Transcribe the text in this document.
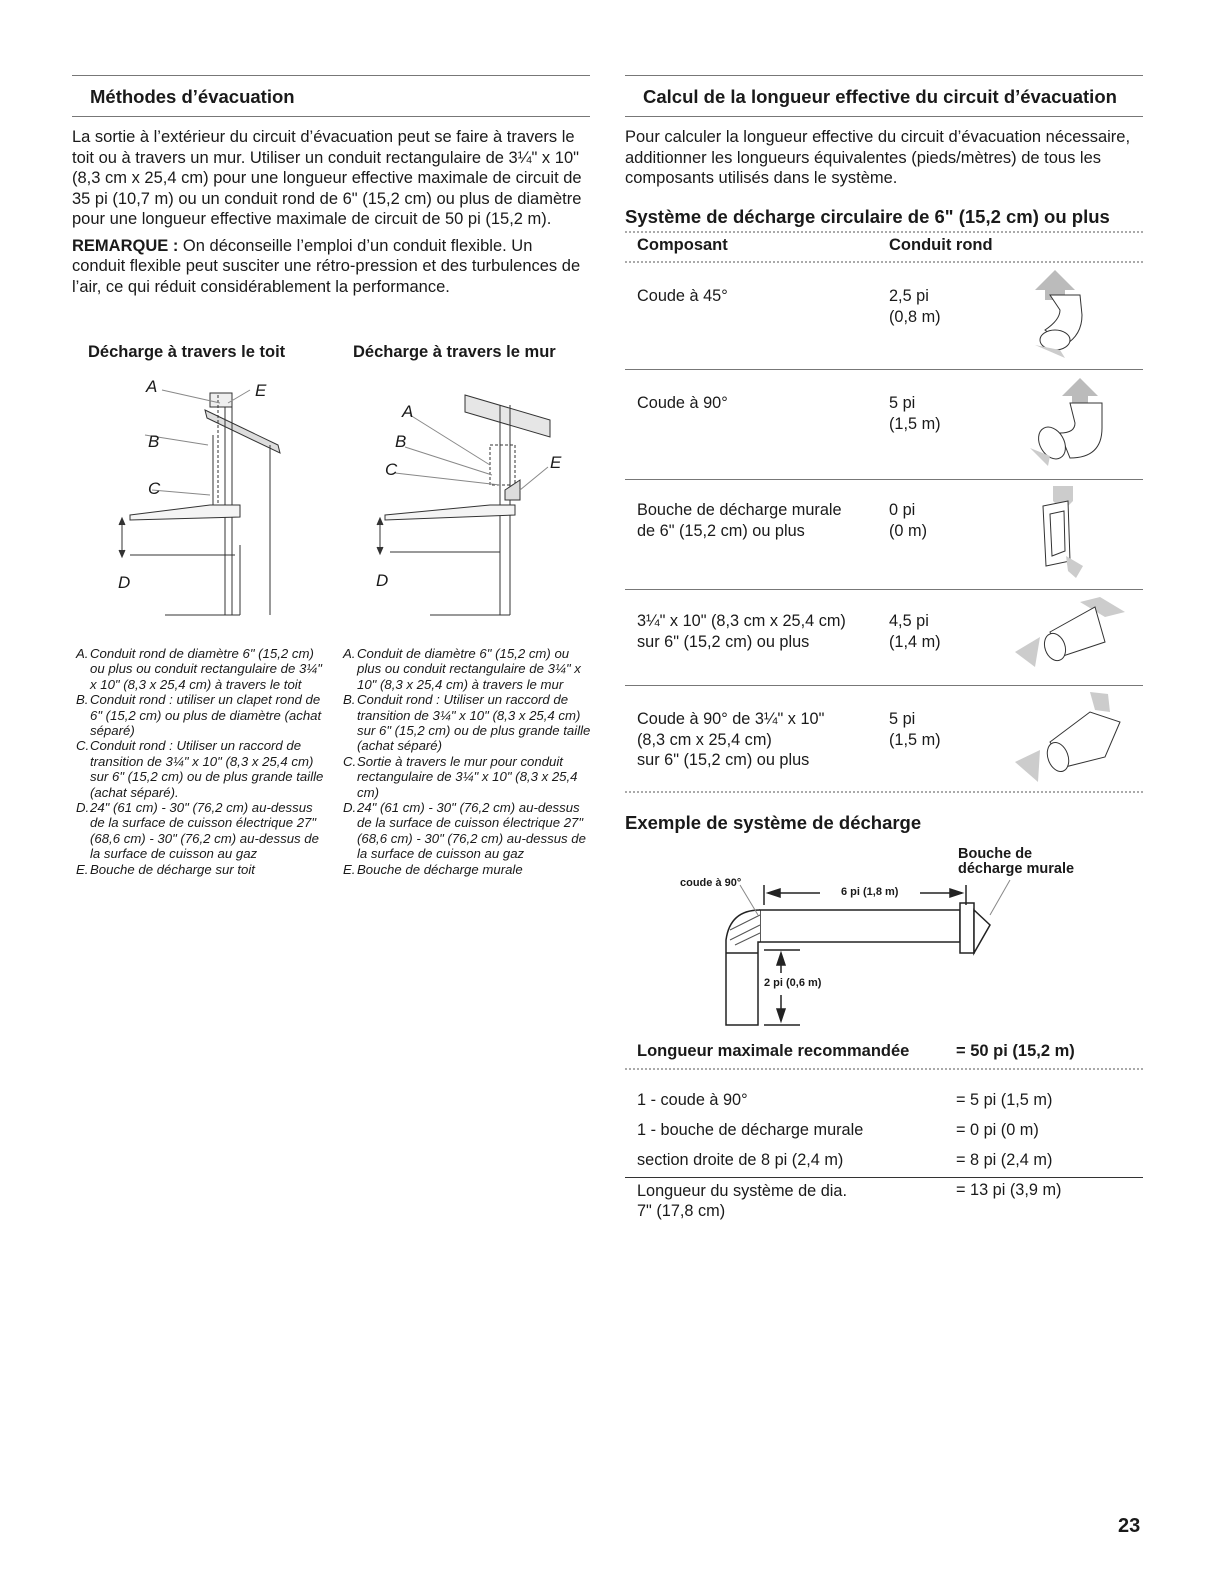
Méthodes d’évacuation

La sortie à l’extérieur du circuit d’évacuation peut se faire à travers le toit ou à travers un mur. Utiliser un conduit rectangulaire de 3¼" x 10" (8,3 cm x 25,4 cm) pour une longueur effective maximale de circuit de 35 pi (10,7 m) ou un conduit rond de 6" (15,2 cm) ou plus de diamètre pour une longueur effective maximale de circuit de 50 pi (15,2 m).

REMARQUE : On déconseille l’emploi d’un conduit flexible. Un conduit flexible peut susciter une rétro-pression et des turbulences de l’air, ce qui réduit considérablement la performance.

Décharge à travers le toit	Décharge à travers le mur
A	E
B
C
D
A
B
C	E
D
A. Conduit rond de diamètre 6" (15,2 cm) ou plus ou conduit rectangulaire de 3¼" x 10" (8,3 x 25,4 cm) à travers le toit
B. Conduit rond : utiliser un clapet rond de 6" (15,2 cm) ou plus de diamètre (achat séparé)
C. Conduit rond : Utiliser un raccord de transition de 3¼" x 10" (8,3 x 25,4 cm) sur 6" (15,2 cm) ou de plus grande taille (achat séparé).
D. 24" (61 cm) - 30" (76,2 cm) au-dessus de la surface de cuisson électrique 27" (68,6 cm) - 30" (76,2 cm) au-dessus de la surface de cuisson au gaz
E. Bouche de décharge sur toit
A. Conduit de diamètre 6" (15,2 cm) ou plus ou conduit rectangulaire de 3¼" x 10" (8,3 x 25,4 cm) à travers le mur
B. Conduit rond : Utiliser un raccord de transition de 3¼" x 10" (8,3 x 25,4 cm) sur 6" (15,2 cm) ou de plus grande taille (achat séparé)
C. Sortie à travers le mur pour conduit rectangulaire de 3¼" x 10" (8,3 x 25,4 cm)
D. 24" (61 cm) - 30" (76,2 cm) au-dessus de la surface de cuisson électrique 27" (68,6 cm) - 30" (76,2 cm) au-dessus de la surface de cuisson au gaz
E. Bouche de décharge murale
Calcul de la longueur effective du circuit d’évacuation
Pour calculer la longueur effective du circuit d’évacuation nécessaire, additionner les longueurs équivalentes (pieds/mètres) de tous les composants utilisés dans le système.
Système de décharge circulaire de 6" (15,2 cm) ou plus
Composant	Conduit rond
Coude à 45°	2,5 pi
(0,8 m)
Coude à 90°	5 pi
(1,5 m)
Bouche de décharge murale
de 6" (15,2 cm) ou plus
0 pi
(0 m)
3¼" x 10" (8,3 cm x 25,4 cm)
sur 6" (15,2 cm) ou plus
4,5 pi
(1,4 m)
Coude à 90° de 3¼" x 10"
(8,3 cm x 25,4 cm)
sur 6" (15,2 cm) ou plus
5 pi
(1,5 m)
Exemple de système de décharge
coude à 90°
6 pi (1,8 m)
2 pi (0,6 m)
Bouche de
décharge murale
Longueur maximale recommandée	= 50 pi (15,2 m)
1 - coude à 90°	= 5 pi (1,5 m)
1 - bouche de décharge murale	= 0 pi (0 m)
section droite de 8 pi (2,4 m)	= 8 pi (2,4 m)
Longueur du système de dia.
7" (17,8 cm)
= 13 pi (3,9 m)
23
